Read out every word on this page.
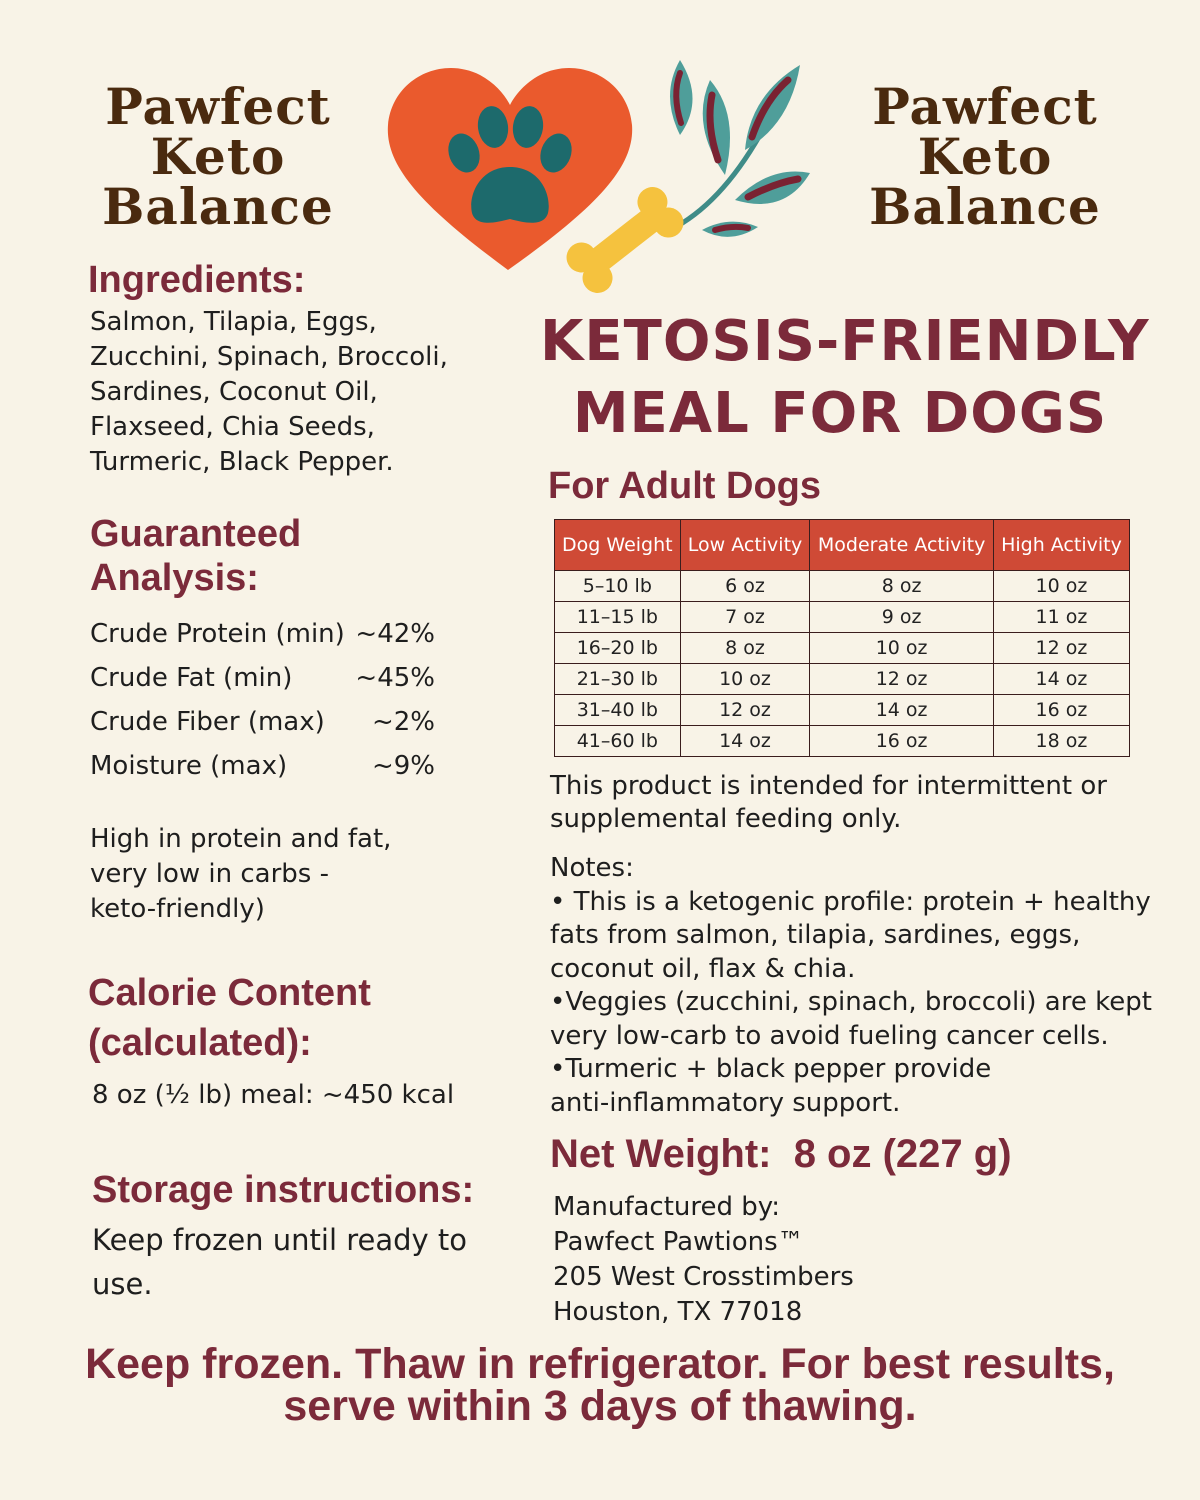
Pawfect
Keto
Balance
Pawfect
Keto
Balance
Ingredients:
Salmon, Tilapia, Eggs,
Zucchini, Spinach, Broccoli,
Sardines, Coconut Oil,
Flaxseed, Chia Seeds,
Turmeric, Black Pepper.
Guaranteed
Analysis:
Crude Protein (min) ~42%
Crude Fat (min) ~45%
Crude Fiber (max) ~2%
Moisture (max)	~9%
High in protein and fat,
very low in carbs -
keto-friendly)
Calorie Content
(calculated):
8 oz (½ lb) meal: ~450 kcal
Storage instructions:
Keep frozen until ready to
use.
KETOSIS-FRIENDLY
MEAL FOR DOGS
For Adult Dogs
Dog Weight	Low Activity	Moderate Activity	High Activity
5–10 lb	6 oz	8 oz	10 oz
11–15 lb	7 oz	9 oz	11 oz
16–20 lb	8 oz	10 oz	12 oz
21–30 lb	10 oz	12 oz	14 oz
31–40 lb	12 oz	14 oz	16 oz
41–60 lb	14 oz	16 oz	18 oz
This product is intended for intermittent or
supplemental feeding only.
Notes:
• This is a ketogenic profile: protein + healthy
fats from salmon, tilapia, sardines, eggs,
coconut oil, flax & chia.
•Veggies (zucchini, spinach, broccoli) are kept
very low-carb to avoid fueling cancer cells.
•Turmeric + black pepper provide
anti-inflammatory support.
Net Weight:  8 oz (227 g)
Manufactured by:
Pawfect Pawtions™
205 West Crosstimbers
Houston, TX 77018
Keep frozen. Thaw in refrigerator. For best results,
serve within 3 days of thawing.
